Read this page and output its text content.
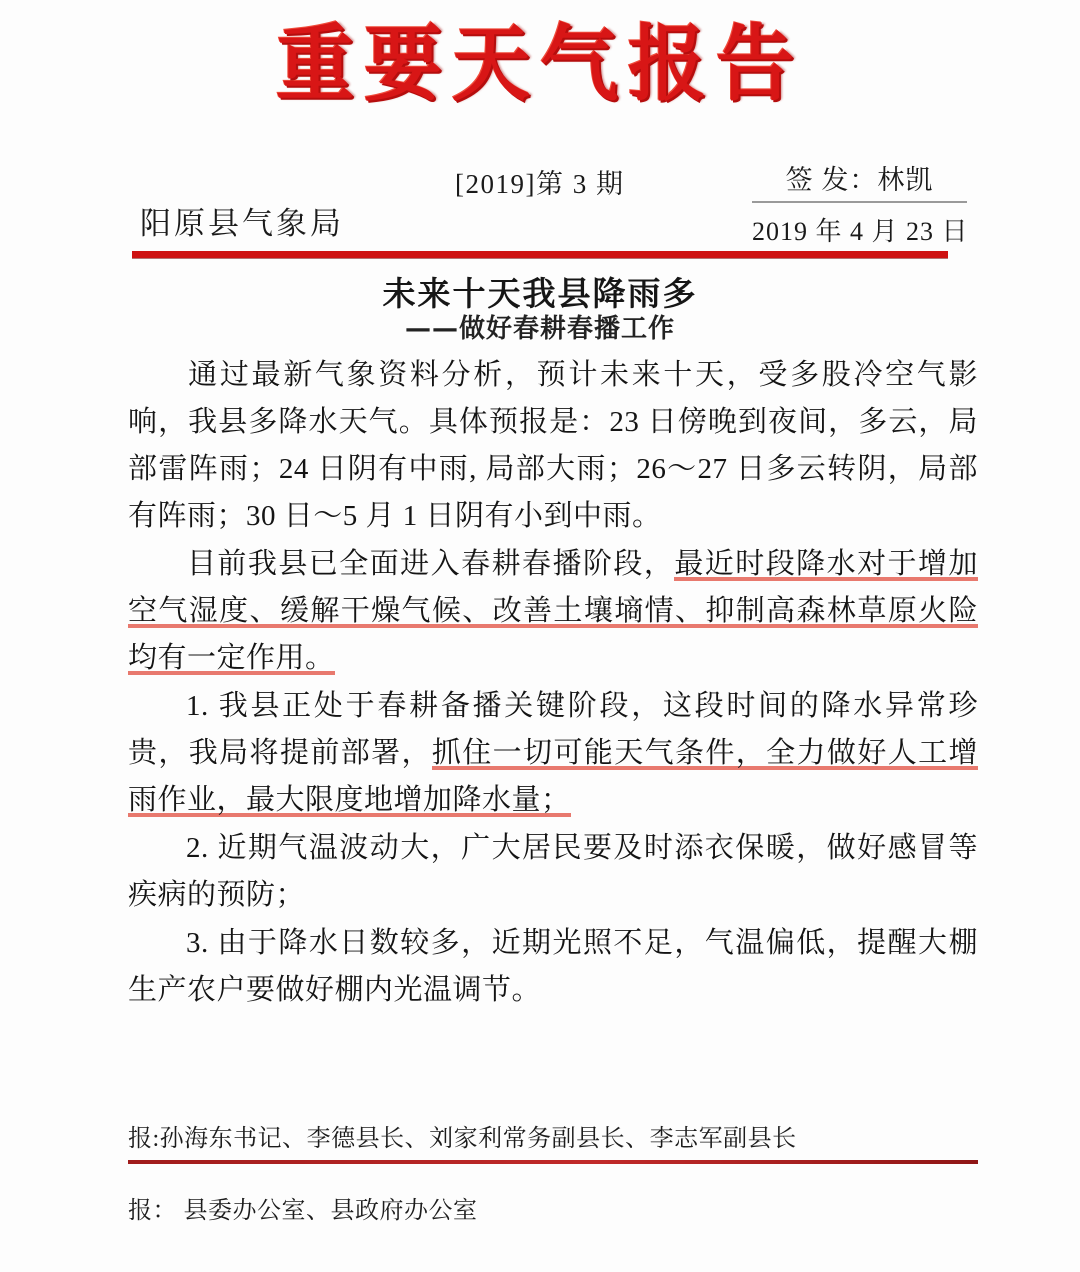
重要天气报告
[2019]第 3 期
阳原县气象局
签 发：林凯
2019 年 4 月 23 日
未来十天我县降雨多
——做好春耕春播工作

通过最新气象资料分析，预计未来十天，受多股冷空气影响，我县多降水天气。具体预报是：23 日傍晚到夜间，多云，局部雷阵雨；24 日阴有中雨, 局部大雨；26～27 日多云转阴，局部有阵雨；30 日～5 月 1 日阴有小到中雨。

目前我县已全面进入春耕春播阶段，最近时段降水对于增加空气湿度、缓解干燥气候、改善土壤墒情、抑制高森林草原火险均有一定作用。

1. 我县正处于春耕备播关键阶段，这段时间的降水异常珍贵，我局将提前部署，抓住一切可能天气条件，全力做好人工增雨作业，最大限度地增加降水量；

2. 近期气温波动大，广大居民要及时添衣保暖，做好感冒等疾病的预防；

3. 由于降水日数较多，近期光照不足，气温偏低，提醒大棚生产农户要做好棚内光温调节。

报:孙海东书记、李德县长、刘家利常务副县长、李志军副县长
报： 县委办公室、县政府办公室
